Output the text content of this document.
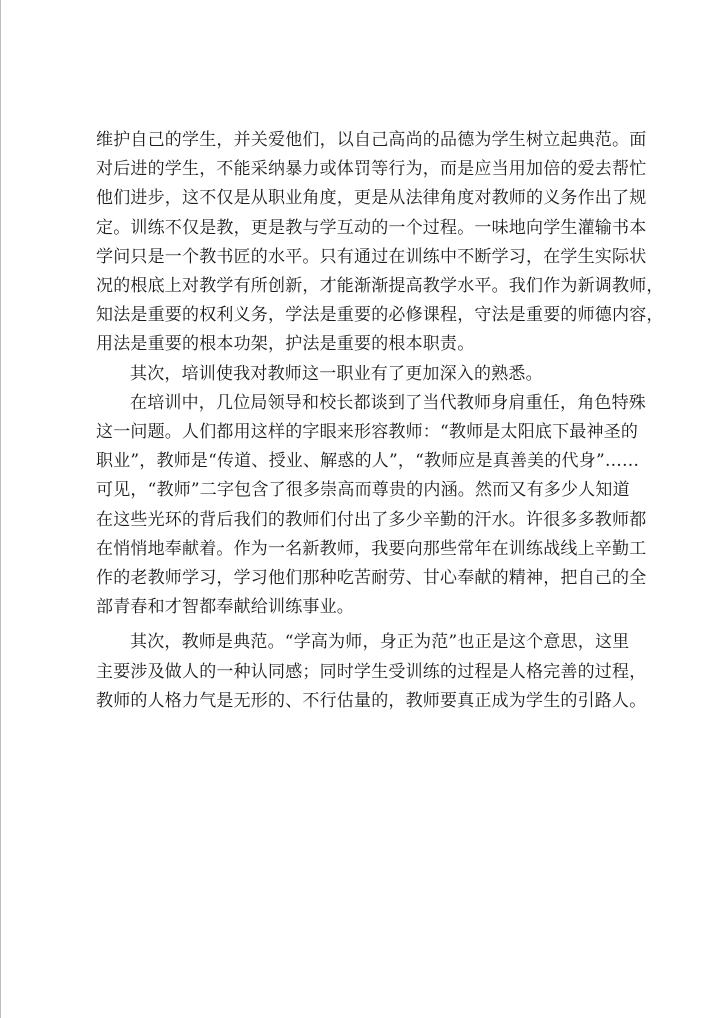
维护自己的学生，并关爱他们，以自己高尚的品德为学生树立起典范。面
对后进的学生，不能采纳暴力或体罚等行为，而是应当用加倍的爱去帮忙
他们进步，这不仅是从职业角度，更是从法律角度对教师的义务作出了规
定。训练不仅是教，更是教与学互动的一个过程。一味地向学生灌输书本
学问只是一个教书匠的水平。只有通过在训练中不断学习，在学生实际状
况的根底上对教学有所创新，才能渐渐提高教学水平。我们作为新调教师，
知法是重要的权利义务，学法是重要的必修课程，守法是重要的师德内容，
用法是重要的根本功架，护法是重要的根本职责。

其次，培训使我对教师这一职业有了更加深入的熟悉。

在培训中，几位局领导和校长都谈到了当代教师身肩重任，角色特殊
这一问题。人们都用这样的字眼来形容教师：“教师是太阳底下最神圣的
职业”，教师是“传道、授业、解惑的人”，“教师应是真善美的代身”……
可见，“教师”二字包含了很多崇高而尊贵的内涵。然而又有多少人知道
在这些光环的背后我们的教师们付出了多少辛勤的汗水。许很多多教师都
在悄悄地奉献着。作为一名新教师，我要向那些常年在训练战线上辛勤工
作的老教师学习，学习他们那种吃苦耐劳、甘心奉献的精神，把自己的全
部青春和才智都奉献给训练事业。

其次，教师是典范。“学高为师，身正为范”也正是这个意思，这里
主要涉及做人的一种认同感；同时学生受训练的过程是人格完善的过程，
教师的人格力气是无形的、不行估量的，教师要真正成为学生的引路人。
